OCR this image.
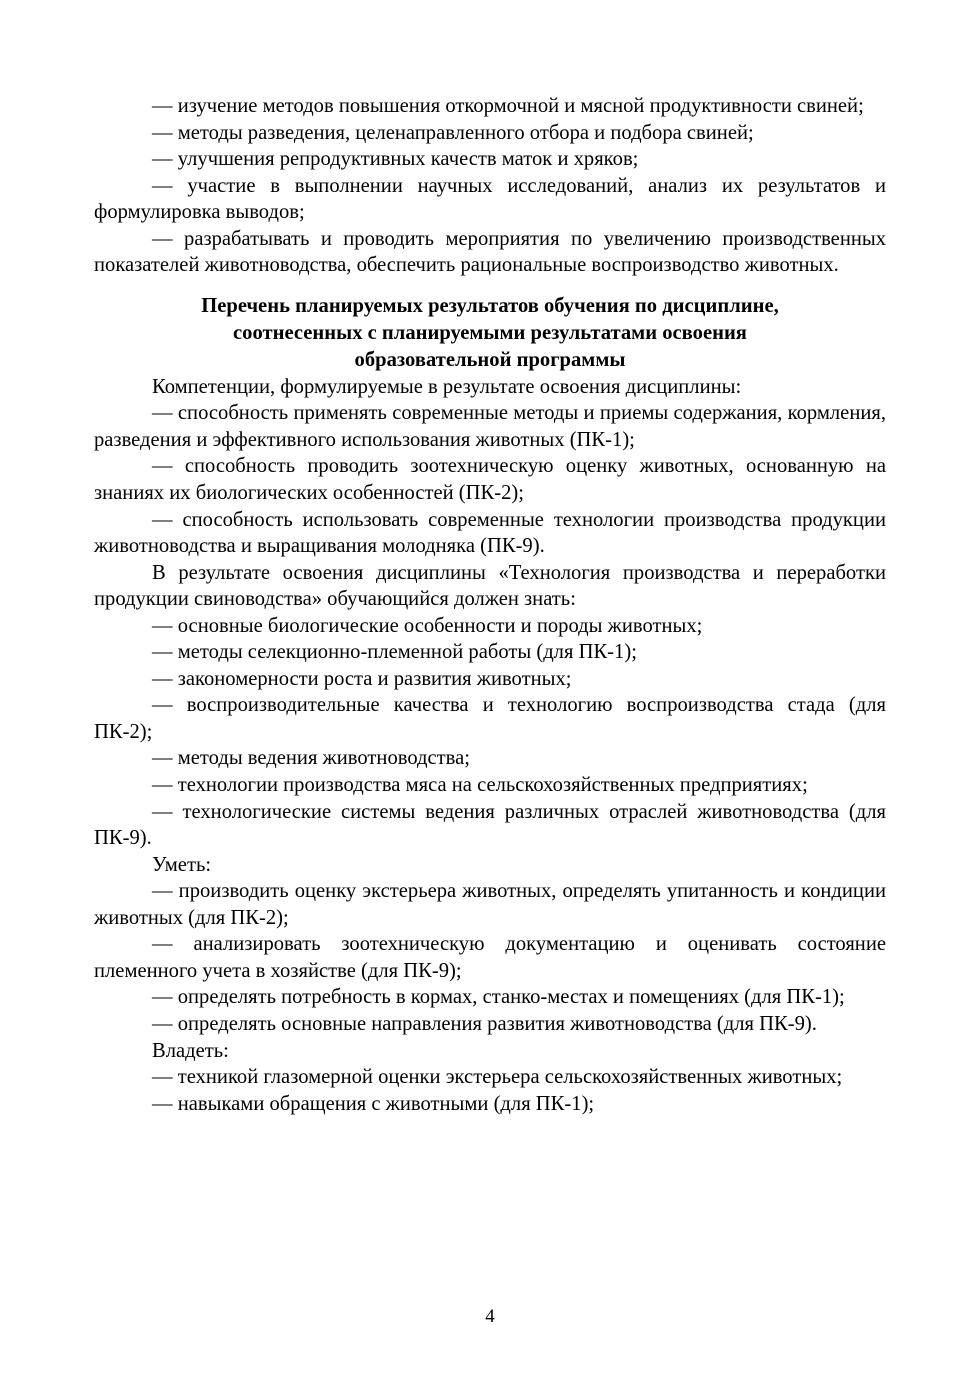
— изучение методов повышения откормочной и мясной продуктивности свиней;

— методы разведения, целенаправленного отбора и подбора свиней;

— улучшения репродуктивных качеств маток и хряков;

— участие в выполнении научных исследований, анализ их результатов и формулировка выводов;

— разрабатывать и проводить мероприятия по увеличению производственных показателей животноводства, обеспечить рациональные воспроизводство животных.

Перечень планируемых результатов обучения по дисциплине,
соотнесенных с планируемыми результатами освоения
образовательной программы

Компетенции, формулируемые в результате освоения дисциплины:

— способность применять современные методы и приемы содержания, кормления, разведения и эффективного использования животных (ПК-1);

— способность проводить зоотехническую оценку животных, основанную на знаниях их биологических особенностей (ПК-2);

— способность использовать современные технологии производства продукции животноводства и выращивания молодняка (ПК-9).

В результате освоения дисциплины «Технология производства и переработки продукции свиноводства» обучающийся должен знать:

— основные биологические особенности и породы животных;

— методы селекционно-племенной работы (для ПК-1);

— закономерности роста и развития животных;

— воспроизводительные качества и технологию воспроизводства стада (для ПК-2);

— методы ведения животноводства;

— технологии производства мяса на сельскохозяйственных предприятиях;

— технологические системы ведения различных отраслей животноводства (для ПК-9).

Уметь:

— производить оценку экстерьера животных, определять упитанность и кондиции животных (для ПК-2);

— анализировать зоотехническую документацию и оценивать состояние племенного учета в хозяйстве (для ПК-9);

— определять потребность в кормах, станко-местах и помещениях (для ПК-1);

— определять основные направления развития животноводства (для ПК-9).

Владеть:

— техникой глазомерной оценки экстерьера сельскохозяйственных животных;

— навыками обращения с животными (для ПК-1);

4
